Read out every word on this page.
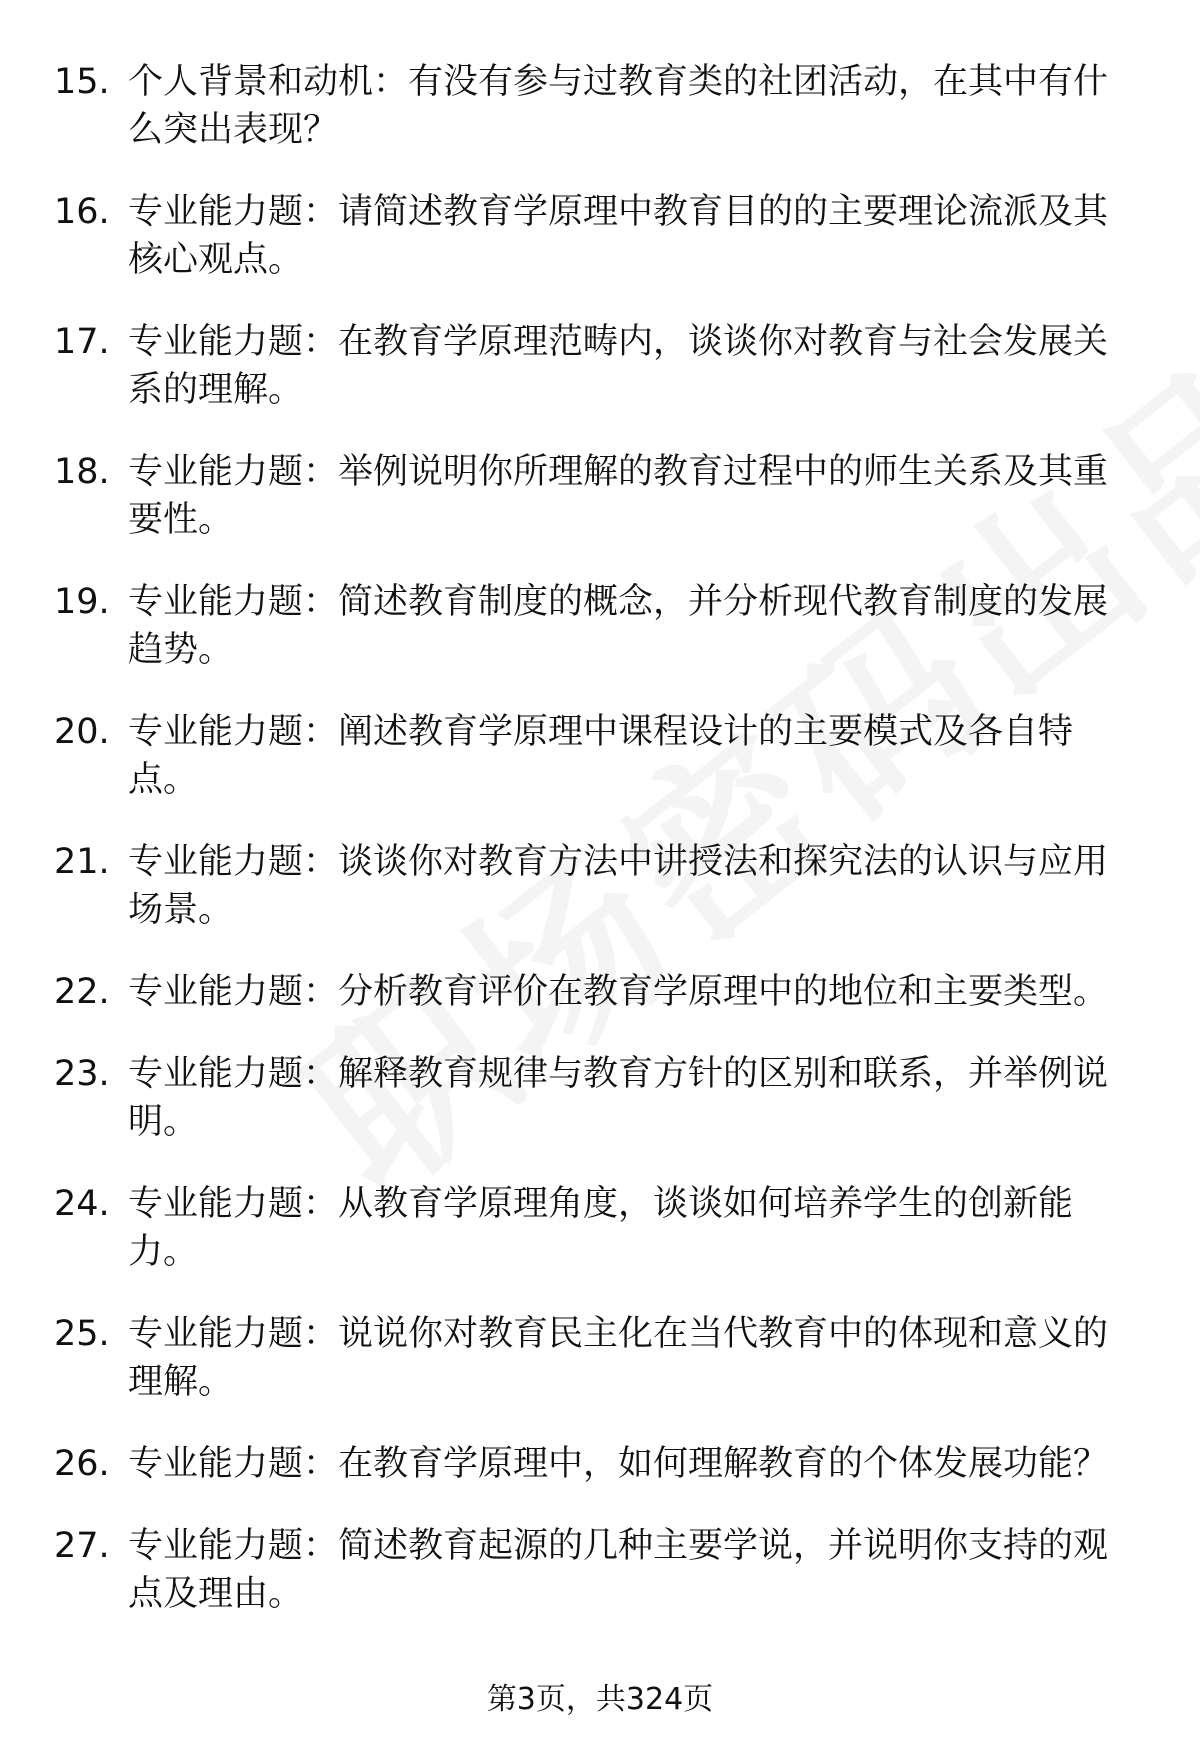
15. 个人背景和动机：有没有参与过教育类的社团活动，在其中有什么突出表现？
16. 专业能力题：请简述教育学原理中教育目的的主要理论流派及其核心观点。
17. 专业能力题：在教育学原理范畴内，谈谈你对教育与社会发展关系的理解。
18. 专业能力题：举例说明你所理解的教育过程中的师生关系及其重要性。
19. 专业能力题：简述教育制度的概念，并分析现代教育制度的发展趋势。
20. 专业能力题：阐述教育学原理中课程设计的主要模式及各自特点。
21. 专业能力题：谈谈你对教育方法中讲授法和探究法的认识与应用场景。
22. 专业能力题：分析教育评价在教育学原理中的地位和主要类型。
23. 专业能力题：解释教育规律与教育方针的区别和联系，并举例说明。
24. 专业能力题：从教育学原理角度，谈谈如何培养学生的创新能力。
25. 专业能力题：说说你对教育民主化在当代教育中的体现和意义的理解。
26. 专业能力题：在教育学原理中，如何理解教育的个体发展功能？
27. 专业能力题：简述教育起源的几种主要学说，并说明你支持的观点及理由。
第3页，共324页
